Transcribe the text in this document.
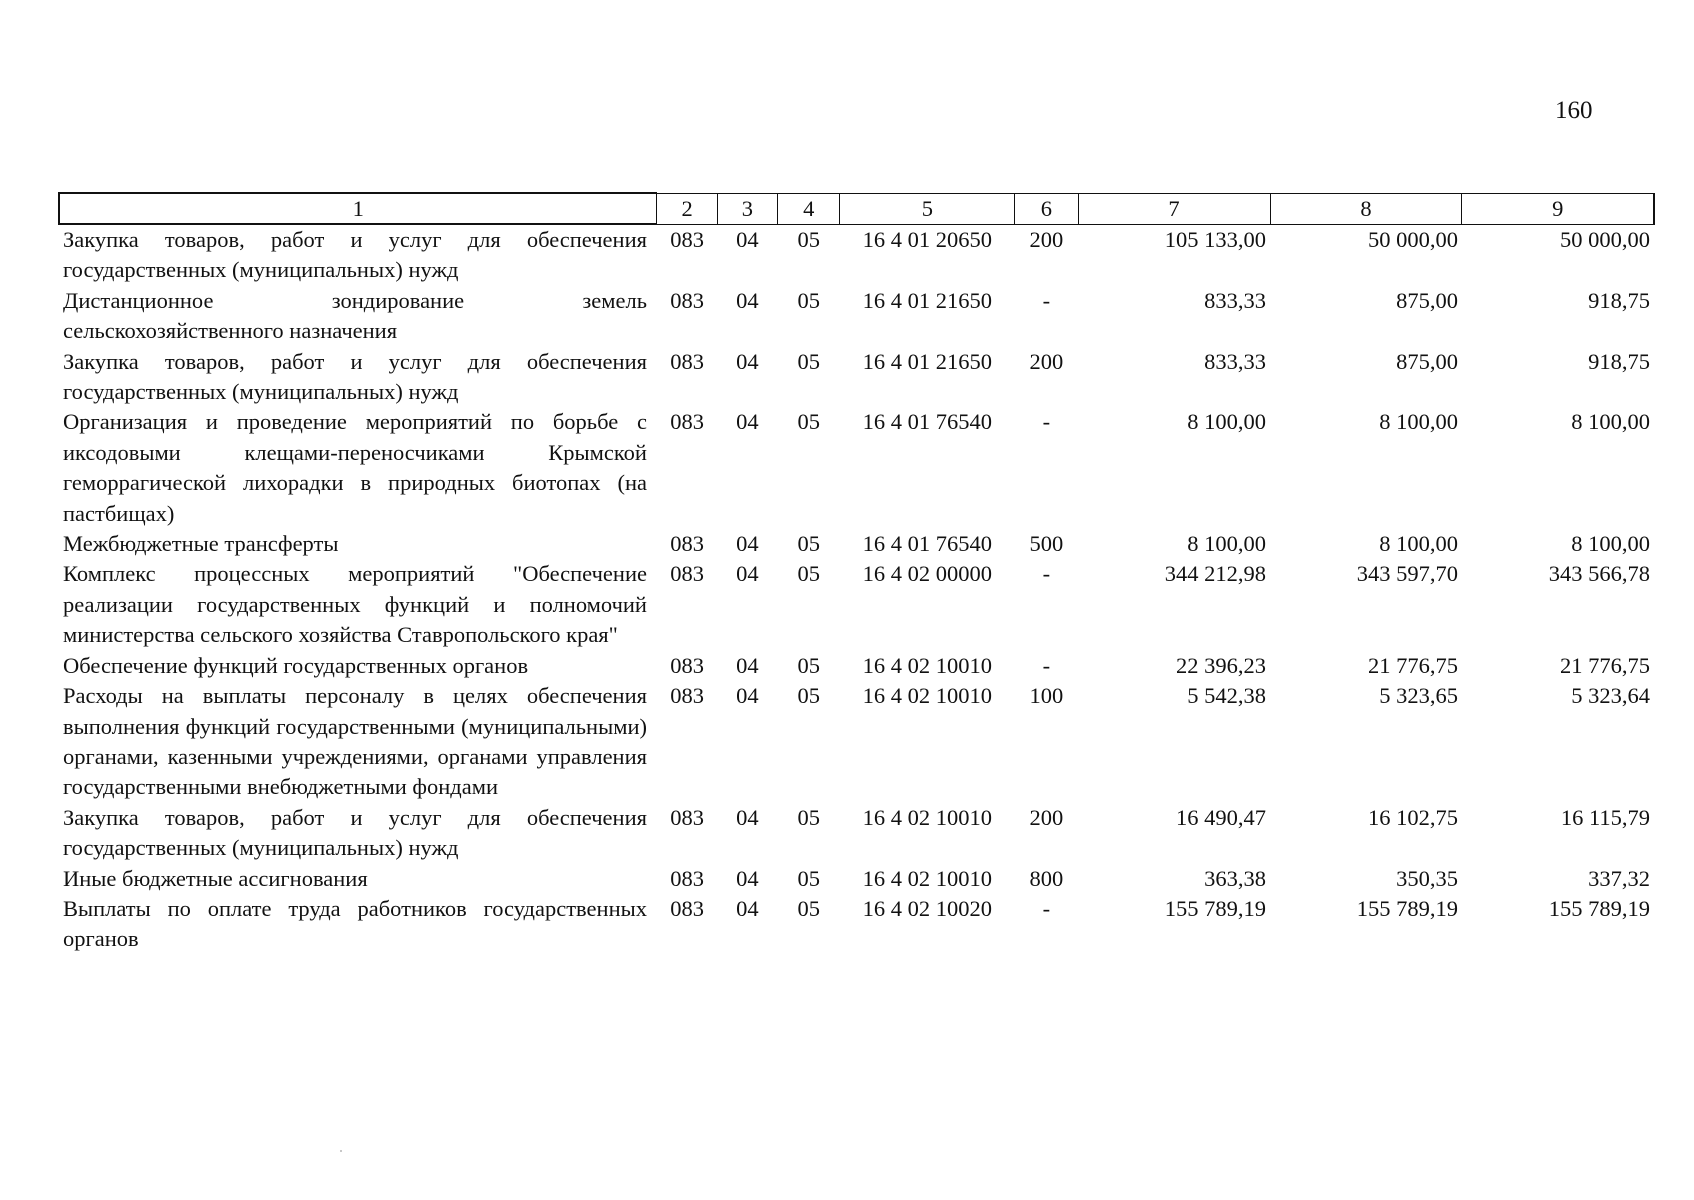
160
1	2	3	4	5	6	7	8	9
Закупка товаров, работ и услуг для обеспечения государственных (муниципальных) нужд	083	04	05	16 4 01 20650	200	105 133,00	50 000,00	50 000,00
Дистанционное зондирование земель сельскохозяйственного назначения	083	04	05	16 4 01 21650	-	833,33	875,00	918,75
Закупка товаров, работ и услуг для обеспечения государственных (муниципальных) нужд	083	04	05	16 4 01 21650	200	833,33	875,00	918,75
Организация и проведение мероприятий по борьбе с иксодовыми клещами-переносчиками Крымской геморрагической лихорадки в природных биотопах (на пастбищах)	083	04	05	16 4 01 76540	-	8 100,00	8 100,00	8 100,00
Межбюджетные трансферты	083	04	05	16 4 01 76540	500	8 100,00	8 100,00	8 100,00
Комплекс процессных мероприятий "Обеспечение реализации государственных функций и полномочий министерства сельского хозяйства Ставропольского края"	083	04	05	16 4 02 00000	-	344 212,98	343 597,70	343 566,78
Обеспечение функций государственных органов	083	04	05	16 4 02 10010	-	22 396,23	21 776,75	21 776,75
Расходы на выплаты персоналу в целях обеспечения выполнения функций государственными (муниципальными) органами, казенными учреждениями, органами управления государственными внебюджетными фондами	083	04	05	16 4 02 10010	100	5 542,38	5 323,65	5 323,64
Закупка товаров, работ и услуг для обеспечения государственных (муниципальных) нужд	083	04	05	16 4 02 10010	200	16 490,47	16 102,75	16 115,79
Иные бюджетные ассигнования	083	04	05	16 4 02 10010	800	363,38	350,35	337,32
Выплаты по оплате труда работников государственных органов	083	04	05	16 4 02 10020	-	155 789,19	155 789,19	155 789,19
